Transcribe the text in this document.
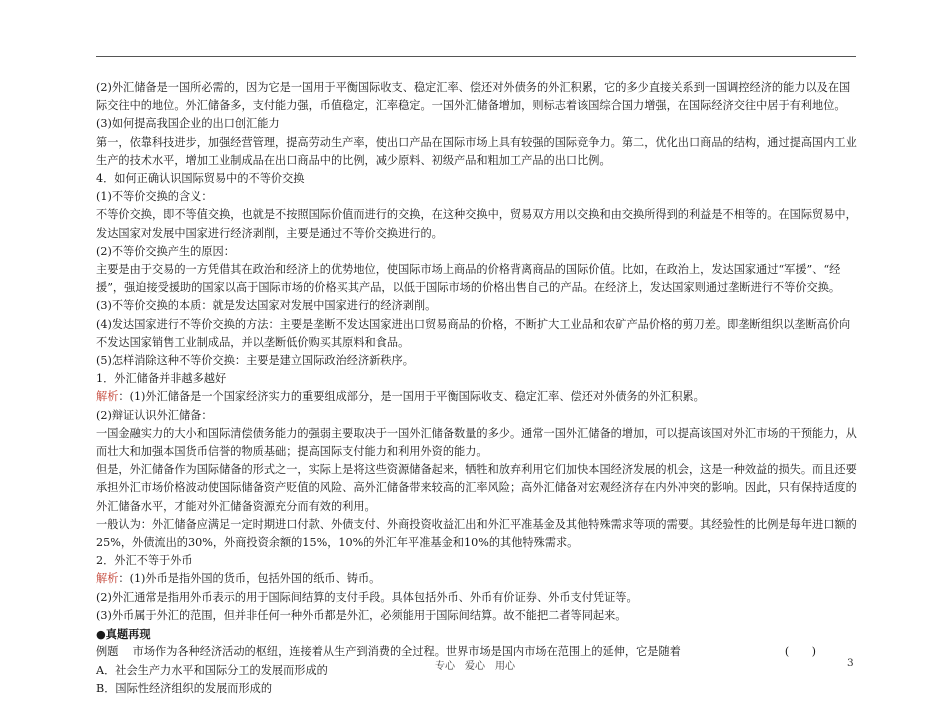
(2)外汇储备是一国所必需的，因为它是一国用于平衡国际收支、稳定汇率、偿还对外债务的外汇积累，它的多少直接关系到一国调控经济的能力以及在国际交往中的地位。外汇储备多，支付能力强，币值稳定，汇率稳定。一国外汇储备增加，则标志着该国综合国力增强，在国际经济交往中居于有利地位。

(3)如何提高我国企业的出口创汇能力

第一，依靠科技进步，加强经营管理，提高劳动生产率，使出口产品在国际市场上具有较强的国际竞争力。第二，优化出口商品的结构，通过提高国内工业生产的技术水平，增加工业制成品在出口商品中的比例，减少原料、初级产品和粗加工产品的出口比例。

4．如何正确认识国际贸易中的不等价交换

(1)不等价交换的含义：

不等价交换，即不等值交换，也就是不按照国际价值而进行的交换，在这种交换中，贸易双方用以交换和由交换所得到的利益是不相等的。在国际贸易中，发达国家对发展中国家进行经济剥削，主要是通过不等价交换进行的。

(2)不等价交换产生的原因：

主要是由于交易的一方凭借其在政治和经济上的优势地位，使国际市场上商品的价格背离商品的国际价值。比如，在政治上，发达国家通过“军援”、“经援”，强迫接受援助的国家以高于国际市场的价格买其产品，以低于国际市场的价格出售自己的产品。在经济上，发达国家则通过垄断进行不等价交换。

(3)不等价交换的本质：就是发达国家对发展中国家进行的经济剥削。

(4)发达国家进行不等价交换的方法：主要是垄断不发达国家进出口贸易商品的价格，不断扩大工业品和农矿产品价格的剪刀差。即垄断组织以垄断高价向不发达国家销售工业制成品，并以垄断低价购买其原料和食品。

(5)怎样消除这种不等价交换：主要是建立国际政治经济新秩序。

1．外汇储备并非越多越好

解析：(1)外汇储备是一个国家经济实力的重要组成部分，是一国用于平衡国际收支、稳定汇率、偿还对外债务的外汇积累。

(2)辩证认识外汇储备：

一国金融实力的大小和国际清偿债务能力的强弱主要取决于一国外汇储备数量的多少。通常一国外汇储备的增加，可以提高该国对外汇市场的干预能力，从而壮大和加强本国货币信誉的物质基础；提高国际支付能力和利用外资的能力。

但是，外汇储备作为国际储备的形式之一，实际上是将这些资源储备起来，牺牲和放弃利用它们加快本国经济发展的机会，这是一种效益的损失。而且还要承担外汇市场价格波动使国际储备资产贬值的风险、高外汇储备带来较高的汇率风险；高外汇储备对宏观经济存在内外冲突的影响。因此，只有保持适度的外汇储备水平，才能对外汇储备资源充分而有效的利用。

一般认为：外汇储备应满足一定时期进口付款、外债支付、外商投资收益汇出和外汇平准基金及其他特殊需求等项的需要。其经验性的比例是每年进口额的25%，外债流出的30%，外商投资余额的15%，10%的外汇年平准基金和10%的其他特殊需求。

2．外汇不等于外币

解析：(1)外币是指外国的货币，包括外国的纸币、铸币。

(2)外汇通常是指用外币表示的用于国际间结算的支付手段。具体包括外币、外币有价证券、外币支付凭证等。

(3)外币属于外汇的范围，但并非任何一种外币都是外汇，必须能用于国际间结算。故不能把二者等同起来。

●真题再现

例题 市场作为各种经济活动的枢纽，连接着从生产到消费的全过程。世界市场是国内市场在范围上的延伸，它是随着	(　　)

A．社会生产力水平和国际分工的发展而形成的

B．国际性经济组织的发展而形成的

专心 爱心 用心	3
